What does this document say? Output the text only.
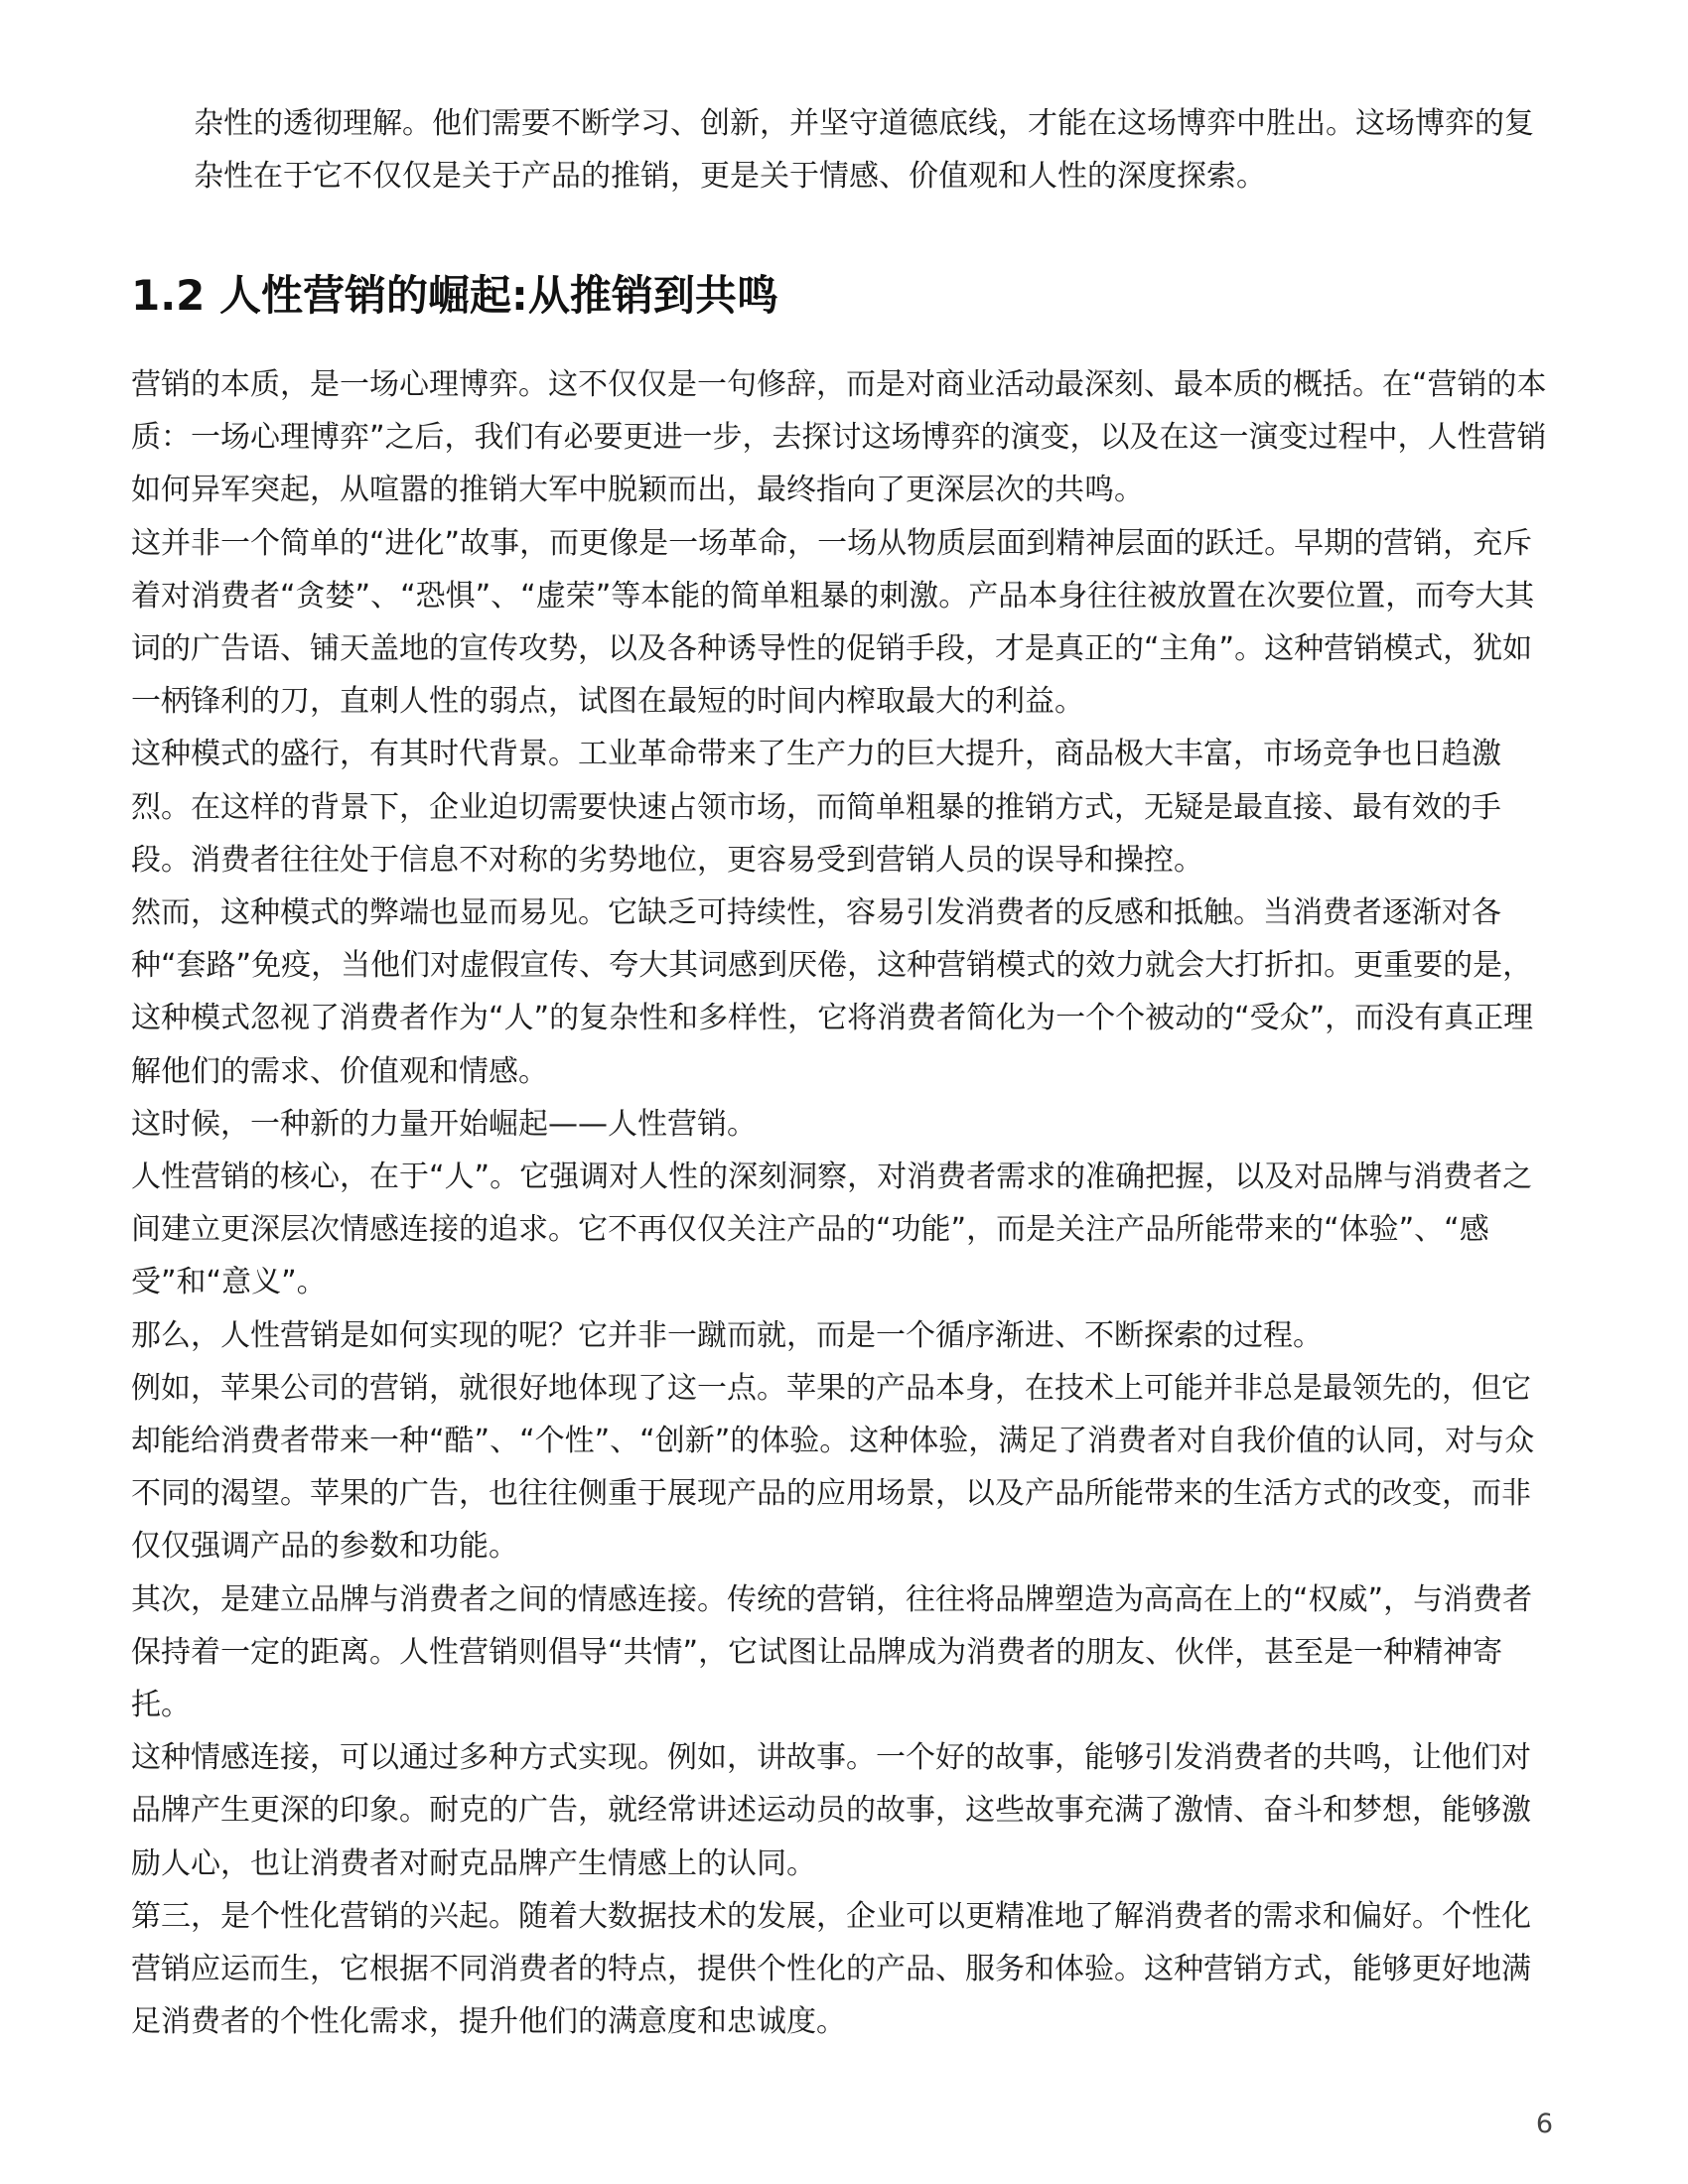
杂性的透彻理解。他们需要不断学习、创新，并坚守道德底线，才能在这场博弈中胜出。这场博弈的复杂性在于它不仅仅是关于产品的推销，更是关于情感、价值观和人性的深度探索。

1.2 人性营销的崛起:从推销到共鸣

营销的本质，是一场心理博弈。这不仅仅是一句修辞，而是对商业活动最深刻、最本质的概括。在“营销的本质：一场心理博弈”之后，我们有必要更进一步，去探讨这场博弈的演变，以及在这一演变过程中，人性营销如何异军突起，从喧嚣的推销大军中脱颖而出，最终指向了更深层次的共鸣。

这并非一个简单的“进化”故事，而更像是一场革命，一场从物质层面到精神层面的跃迁。早期的营销，充斥着对消费者“贪婪”、“恐惧”、“虚荣”等本能的简单粗暴的刺激。产品本身往往被放置在次要位置，而夸大其词的广告语、铺天盖地的宣传攻势，以及各种诱导性的促销手段，才是真正的“主角”。这种营销模式，犹如一柄锋利的刀，直刺人性的弱点，试图在最短的时间内榨取最大的利益。

这种模式的盛行，有其时代背景。工业革命带来了生产力的巨大提升，商品极大丰富，市场竞争也日趋激烈。在这样的背景下，企业迫切需要快速占领市场，而简单粗暴的推销方式，无疑是最直接、最有效的手段。消费者往往处于信息不对称的劣势地位，更容易受到营销人员的误导和操控。

然而，这种模式的弊端也显而易见。它缺乏可持续性，容易引发消费者的反感和抵触。当消费者逐渐对各种“套路”免疫，当他们对虚假宣传、夸大其词感到厌倦，这种营销模式的效力就会大打折扣。更重要的是，这种模式忽视了消费者作为“人”的复杂性和多样性，它将消费者简化为一个个被动的“受众”，而没有真正理解他们的需求、价值观和情感。

这时候，一种新的力量开始崛起——人性营销。

人性营销的核心，在于“人”。它强调对人性的深刻洞察，对消费者需求的准确把握，以及对品牌与消费者之间建立更深层次情感连接的追求。它不再仅仅关注产品的“功能”，而是关注产品所能带来的“体验”、“感受”和“意义”。

那么，人性营销是如何实现的呢？它并非一蹴而就，而是一个循序渐进、不断探索的过程。

例如，苹果公司的营销，就很好地体现了这一点。苹果的产品本身，在技术上可能并非总是最领先的，但它却能给消费者带来一种“酷”、“个性”、“创新”的体验。这种体验，满足了消费者对自我价值的认同，对与众不同的渴望。苹果的广告，也往往侧重于展现产品的应用场景，以及产品所能带来的生活方式的改变，而非仅仅强调产品的参数和功能。

其次，是建立品牌与消费者之间的情感连接。传统的营销，往往将品牌塑造为高高在上的“权威”，与消费者保持着一定的距离。人性营销则倡导“共情”，它试图让品牌成为消费者的朋友、伙伴，甚至是一种精神寄托。

这种情感连接，可以通过多种方式实现。例如，讲故事。一个好的故事，能够引发消费者的共鸣，让他们对品牌产生更深的印象。耐克的广告，就经常讲述运动员的故事，这些故事充满了激情、奋斗和梦想，能够激励人心，也让消费者对耐克品牌产生情感上的认同。

第三，是个性化营销的兴起。随着大数据技术的发展，企业可以更精准地了解消费者的需求和偏好。个性化营销应运而生，它根据不同消费者的特点，提供个性化的产品、服务和体验。这种营销方式，能够更好地满足消费者的个性化需求，提升他们的满意度和忠诚度。

6
